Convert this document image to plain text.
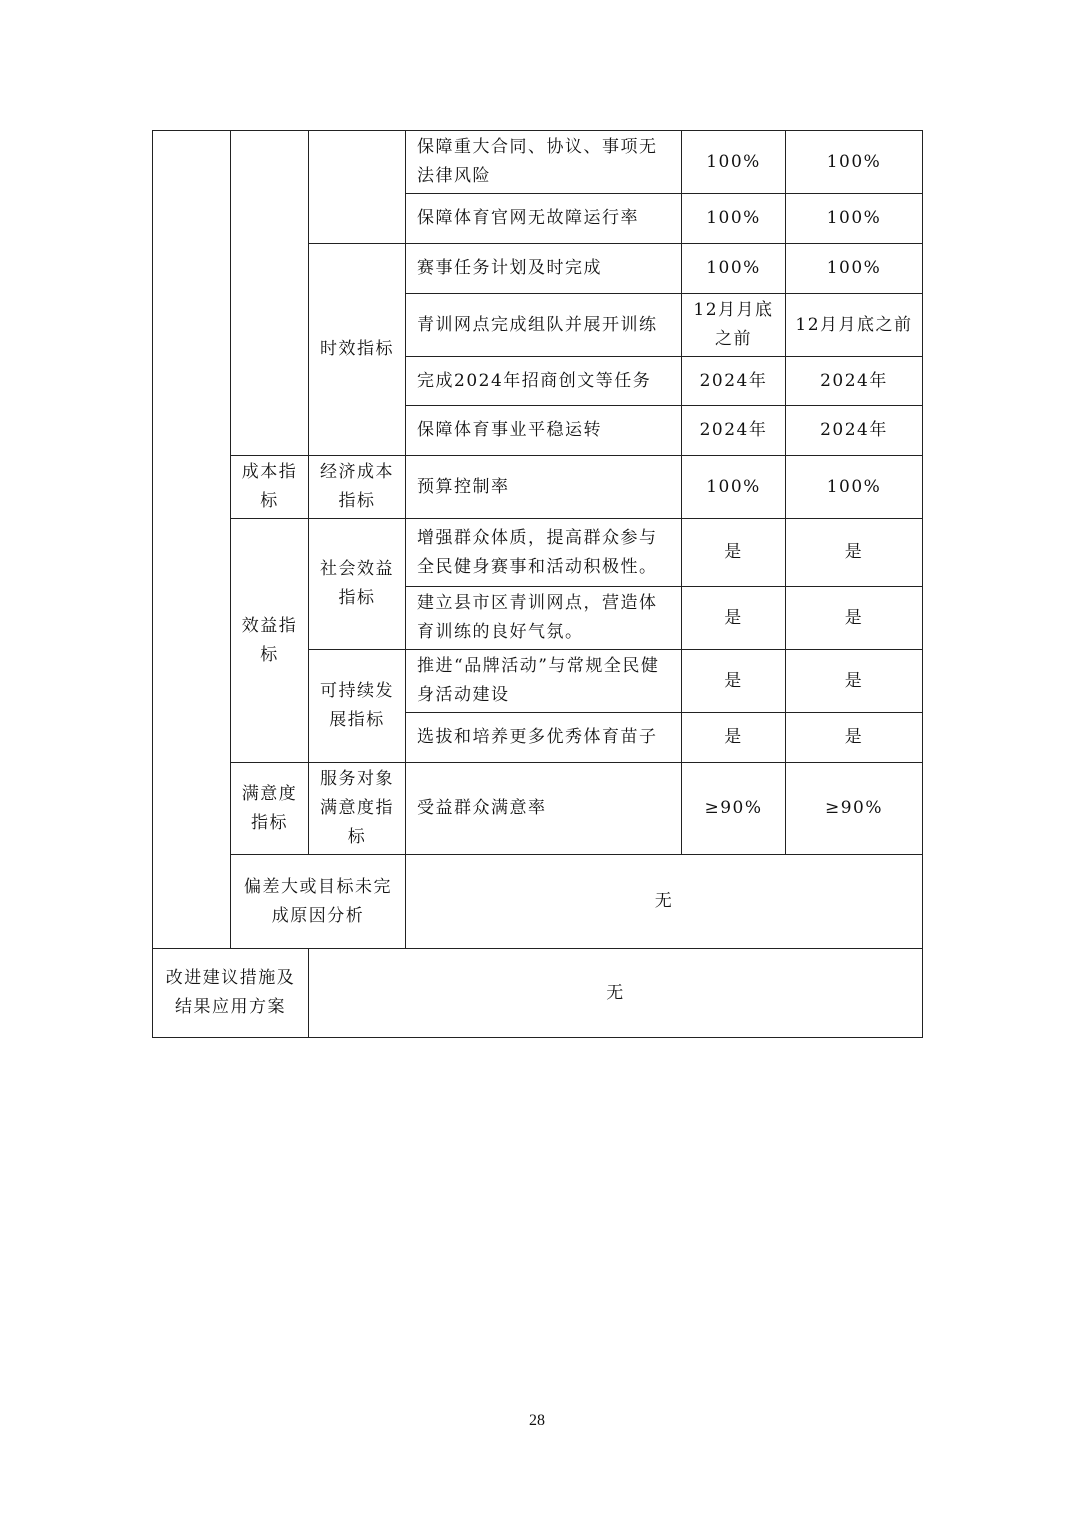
			保障重大合同、协议、事项无法律风险	100%	100%
			保障体育官网无故障运行率	100%	100%
		时效指标	赛事任务计划及时完成	100%	100%
			青训网点完成组队并展开训练	12月月底之前	12月月底之前
			完成2024年招商创文等任务	2024年	2024年
			保障体育事业平稳运转	2024年	2024年
	成本指标	经济成本指标	预算控制率	100%	100%
	效益指标	社会效益指标	增强群众体质，提高群众参与全民健身赛事和活动积极性。	是	是
			建立县市区青训网点，营造体育训练的良好气氛。	是	是
		可持续发展指标	推进“品牌活动”与常规全民健身活动建设	是	是
			选拔和培养更多优秀体育苗子	是	是
	满意度指标	服务对象满意度指标	受益群众满意率	≥90%	≥90%
	偏差大或目标未完成原因分析		无		
改进建议措施及结果应用方案		无			
28
